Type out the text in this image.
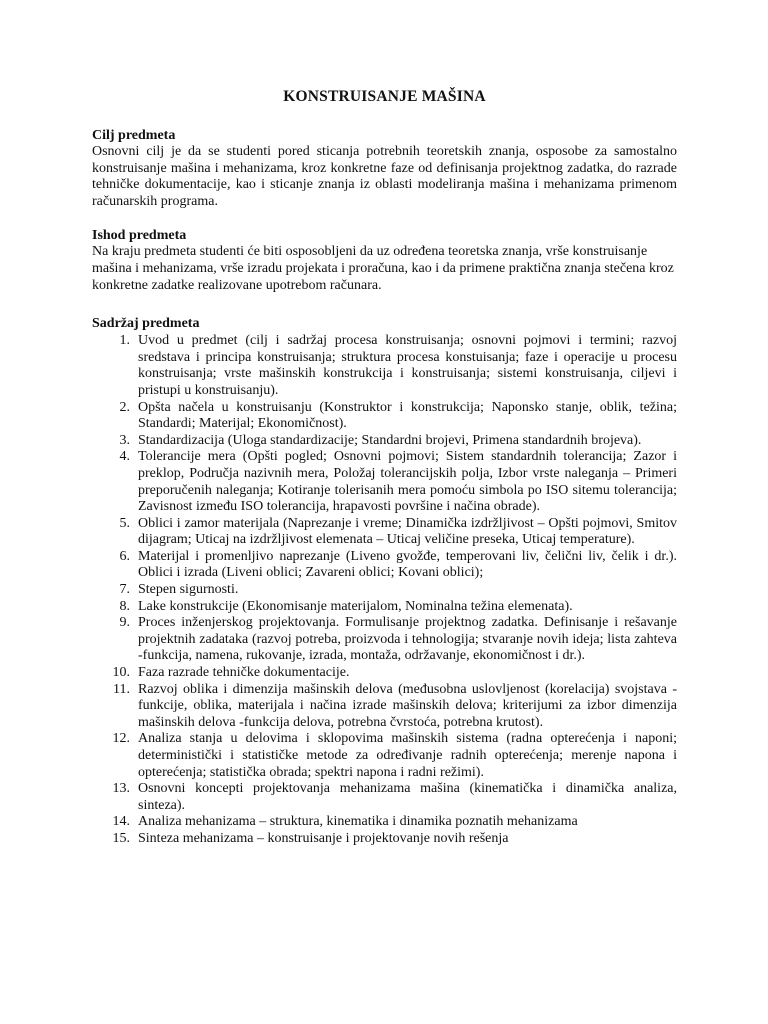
KONSTRUISANJE MAŠINA

Cilj predmeta

Osnovni cilj je da se studenti pored sticanja potrebnih teoretskih znanja, osposobe za samostalno konstruisanje mašina i mehanizama, kroz konkretne faze od definisanja projektnog zadatka, do razrade tehničke dokumentacije, kao i sticanje znanja iz oblasti modeliranja mašina i mehanizama primenom računarskih programa.

Ishod predmeta

Na kraju predmeta studenti će biti osposobljeni da uz određena teoretska znanja, vrše konstruisanje mašina i mehanizama, vrše izradu projekata i proračuna, kao i da primene praktična znanja stečena kroz konkretne zadatke realizovane upotrebom računara.

Sadržaj predmeta

1. Uvod u predmet (cilj i sadržaj procesa konstruisanja; osnovni pojmovi i termini; razvoj sredstava i principa konstruisanja; struktura procesa konstuisanja; faze i operacije u procesu konstruisanja; vrste mašinskih konstrukcija i konstruisanja; sistemi konstruisanja, ciljevi i pristupi u konstruisanju).
2. Opšta načela u konstruisanju (Konstruktor i konstrukcija; Naponsko stanje, oblik, težina; Standardi; Materijal; Ekonomičnost).
3. Standardizacija (Uloga standardizacije; Standardni brojevi, Primena standardnih brojeva).
4. Tolerancije mera (Opšti pogled; Osnovni pojmovi; Sistem standardnih tolerancija; Zazor i preklop, Područja nazivnih mera, Položaj tolerancijskih polja, Izbor vrste naleganja – Primeri preporučenih naleganja; Kotiranje tolerisanih mera pomoću simbola po ISO sitemu tolerancija; Zavisnost između ISO tolerancija, hrapavosti površine i načina obrade).
5. Oblici i zamor materijala (Naprezanje i vreme; Dinamička izdržljivost – Opšti pojmovi, Smitov dijagram; Uticaj na izdržljivost elemenata – Uticaj veličine preseka, Uticaj temperature).
6. Materijal i promenljivo naprezanje (Liveno gvožđe, temperovani liv, čelični liv, čelik i dr.). Oblici i izrada (Liveni oblici; Zavareni oblici; Kovani oblici);
7. Stepen sigurnosti.
8. Lake konstrukcije (Ekonomisanje materijalom, Nominalna težina elemenata).
9. Proces inženjerskog projektovanja. Formulisanje projektnog zadatka. Definisanje i rešavanje projektnih zadataka (razvoj potreba, proizvoda i tehnologija; stvaranje novih ideja; lista zahteva -funkcija, namena, rukovanje, izrada, montaža, održavanje, ekonomičnost i dr.).
10. Faza razrade tehničke dokumentacije.
11. Razvoj oblika i dimenzija mašinskih delova (međusobna uslovljenost (korelacija) svojstava -funkcije, oblika, materijala i načina izrade mašinskih delova; kriterijumi za izbor dimenzija mašinskih delova -funkcija delova, potrebna čvrstoća, potrebna krutost).
12. Analiza stanja u delovima i sklopovima mašinskih sistema (radna opterećenja i naponi; deterministički i statističke metode za određivanje radnih opterećenja; merenje napona i opterećenja; statistička obrada; spektri napona i radni režimi).
13. Osnovni koncepti projektovanja mehanizama mašina (kinematička i dinamička analiza, sinteza).
14. Analiza mehanizama – struktura, kinematika i dinamika poznatih mehanizama
15. Sinteza mehanizama – konstruisanje i projektovanje novih rešenja
